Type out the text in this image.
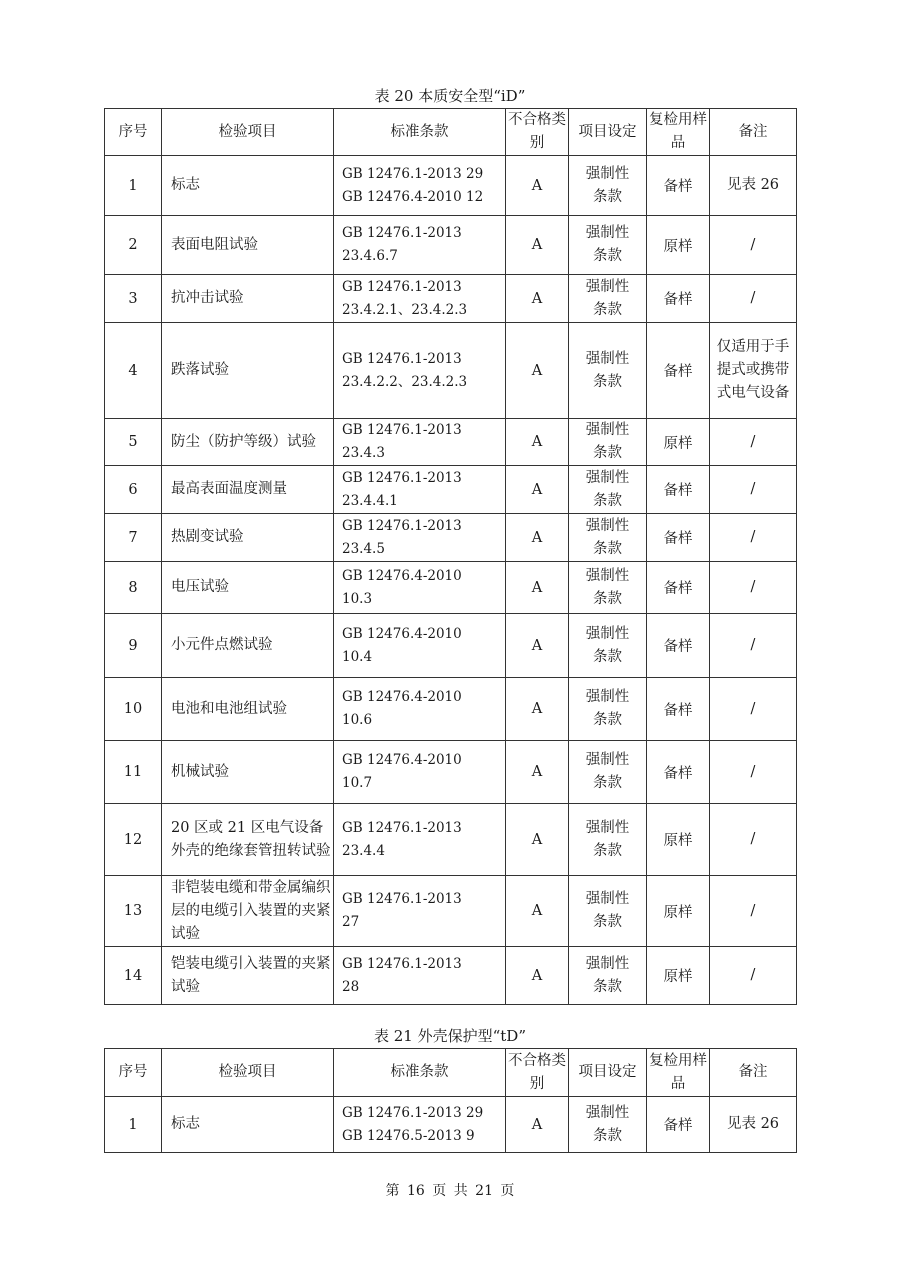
表 20 本质安全型“iD”
序号	检验项目	标准条款	不合格类别	项目设定	复检用样品	备注
1	标志	GB 12476.1-2013 29
GB 12476.4-2010 12	A	强制性条款	备样	见表 26
2	表面电阻试验	GB 12476.1-2013
23.4.6.7	A	强制性条款	原样	/
3	抗冲击试验	GB 12476.1-2013
23.4.2.1、23.4.2.3	A	强制性条款	备样	/
4	跌落试验	GB 12476.1-2013
23.4.2.2、23.4.2.3	A	强制性条款	备样	仅适用于手提式或携带式电气设备
5	防尘（防护等级）试验	GB 12476.1-2013
23.4.3	A	强制性条款	原样	/
6	最高表面温度测量	GB 12476.1-2013
23.4.4.1	A	强制性条款	备样	/
7	热剧变试验	GB 12476.1-2013
23.4.5	A	强制性条款	备样	/
8	电压试验	GB 12476.4-2010
10.3	A	强制性条款	备样	/
9	小元件点燃试验	GB 12476.4-2010
10.4	A	强制性条款	备样	/
10	电池和电池组试验	GB 12476.4-2010
10.6	A	强制性条款	备样	/
11	机械试验	GB 12476.4-2010
10.7	A	强制性条款	备样	/
12	20 区或 21 区电气设备外壳的绝缘套管扭转试验	GB 12476.1-2013
23.4.4	A	强制性条款	原样	/
13	非铠装电缆和带金属编织层的电缆引入装置的夹紧试验	GB 12476.1-2013
27	A	强制性条款	原样	/
14	铠装电缆引入装置的夹紧试验	GB 12476.1-2013
28	A	强制性条款	原样	/
表 21 外壳保护型“tD”
序号	检验项目	标准条款	不合格类别	项目设定	复检用样品	备注
1	标志	GB 12476.1-2013 29
GB 12476.5-2013 9	A	强制性条款	备样	见表 26
第 16 页 共 21 页
